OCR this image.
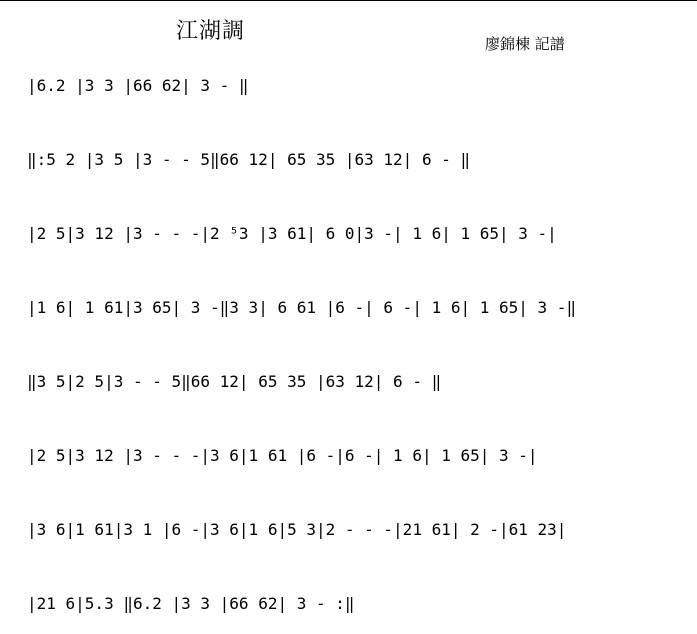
江湖調	廖錦棟 記譜
|6.2 |3 3 |66 62| 3 - ‖
‖:5 2 |3 5 |3 - - 5‖66 12| 65 35 |63 12| 6 - ‖
|2 5|3 12 |3 - - -|2 ⁵3 |3 61| 6 0|3 -| 1 6| 1 65| 3 -|
|1 6| 1 61|3 65| 3 -‖3 3| 6 61 |6 -| 6 -| 1 6| 1 65| 3 -‖
‖3 5|2 5|3 - - 5‖66 12| 65 35 |63 12| 6 - ‖
|2 5|3 12 |3 - - -|3 6|1 61 |6 -|6 -| 1 6| 1 65| 3 -|
|3 6|1 61|3 1 |6 -|3 6|1 6|5 3|2 - - -|21 61| 2 -|61 23|
|21 6|5.3 ‖6.2 |3 3 |66 62| 3 - :‖
